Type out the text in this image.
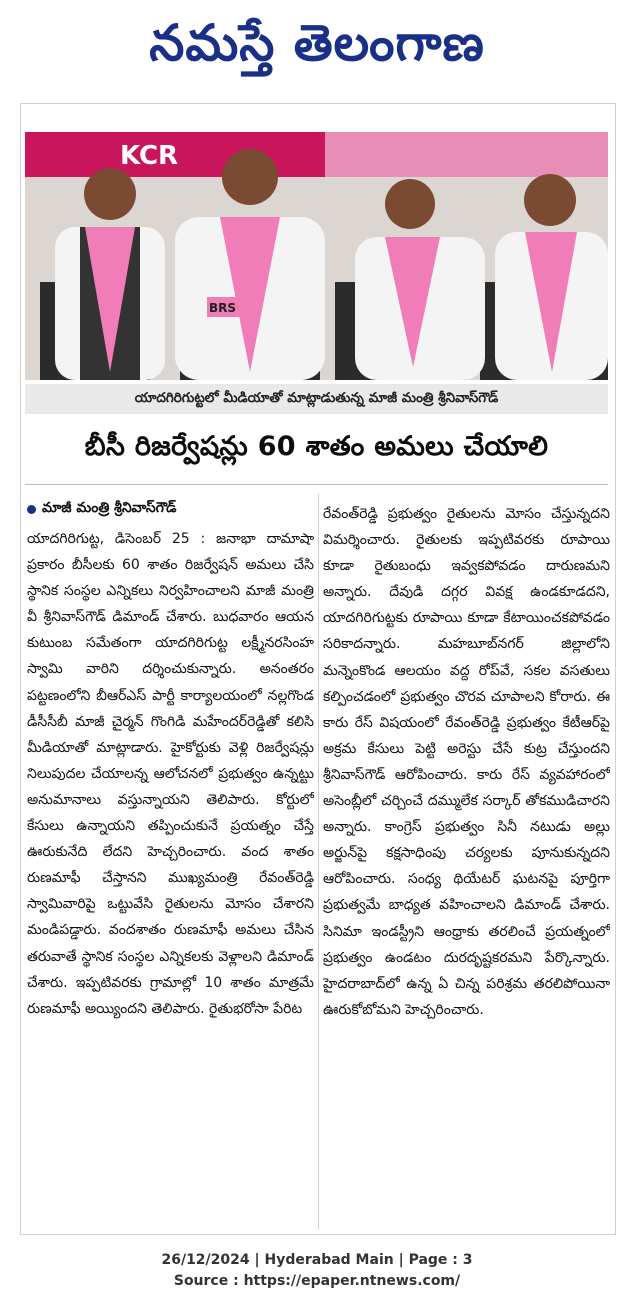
నమస్తే తెలంగాణ
KCR
BRS
యాదగిరిగుట్టలో మీడియాతో మాట్లాడుతున్న మాజీ మంత్రి శ్రీనివాస్‌గౌడ్‌
బీసీ రిజర్వేషన్లు 60 శాతం అమలు చేయాలి
మాజీ మంత్రి శ్రీనివాస్‌గౌడ్‌
యాదగిరిగుట్ట, డిసెంబర్‌ 25 : జనాభా దామాషా ప్రకారం బీసీలకు 60 శాతం రిజర్వేషన్‌ అమలు చేసి స్థానిక సంస్థల ఎన్నికలు నిర్వహించాలని మాజీ మంత్రి వీ శ్రీనివాస్‌గౌడ్‌ డిమాండ్‌ చేశారు. బుధవారం ఆయన కుటుంబ సమేతంగా యాదగిరిగుట్ట లక్ష్మీనరసింహ స్వామి వారిని దర్శించుకున్నారు. అనంతరం పట్టణంలోని బీఆర్‌ఎస్‌ పార్టీ కార్యాలయంలో నల్లగొండ డీసీసీబీ మాజీ చైర్మన్‌ గొంగిడి మహేందర్‌రెడ్డితో కలిసి మీడియాతో మాట్లాడారు. హైకోర్టుకు వెళ్లి రిజర్వేషన్లు నిలుపుదల చేయాలన్న ఆలోచనలో ప్రభుత్వం ఉన్నట్టు అనుమానాలు వస్తున్నాయని తెలిపారు. కోర్టులో కేసులు ఉన్నాయని తప్పించుకునే ప్రయత్నం చేస్తే ఊరుకునేది లేదని హెచ్చరించారు. వంద శాతం రుణమాఫీ చేస్తానని ముఖ్యమంత్రి రేవంత్‌రెడ్డి స్వామివారిపై ఒట్టువేసి రైతులను మోసం చేశారని మండిపడ్డారు. వందశాతం రుణమాఫీ అమలు చేసిన తరువాతే స్థానిక సంస్థల ఎన్నికలకు వెళ్లాలని డిమాండ్‌ చేశారు. ఇప్పటివరకు గ్రామాల్లో 10 శాతం మాత్రమే రుణమాఫీ అయ్యిందని తెలిపారు. రైతుభరోసా పేరిట
రేవంత్‌రెడ్డి ప్రభుత్వం రైతులను మోసం చేస్తున్నదని విమర్శించారు. రైతులకు ఇప్పటివరకు రూపాయి కూడా రైతుబంధు ఇవ్వకపోవడం దారుణమని అన్నారు. దేవుడి దగ్గర వివక్ష ఉండకూడదని, యాదగిరిగుట్టకు రూపాయి కూడా కేటాయించకపోవడం సరికాదన్నారు. మహబూబ్‌నగర్‌ జిల్లాలోని మన్నెంకొండ ఆలయం వద్ద రోప్‌వే, సకల వసతులు కల్పించడంలో ప్రభుత్వం చొరవ చూపాలని కోరారు. ఈ కారు రేస్‌ విషయంలో రేవంత్‌రెడ్డి ప్రభుత్వం కేటీఆర్‌పై అక్రమ కేసులు పెట్టి అరెస్టు చేసే కుట్ర చేస్తుందని శ్రీనివాస్‌గౌడ్‌ ఆరోపించారు. కారు రేస్‌ వ్యవహారంలో అసెంబ్లీలో చర్చించే దమ్ములేక సర్కార్‌ తోకముడిచారని అన్నారు. కాంగ్రెస్‌ ప్రభుత్వం సినీ నటుడు అల్లు అర్జున్‌పై కక్షసాధింపు చర్యలకు పూనుకున్నదని ఆరోపించారు. సంధ్య థియేటర్‌ ఘటనపై పూర్తిగా ప్రభుత్వమే బాధ్యత వహించాలని డిమాండ్‌ చేశారు. సినిమా ఇండస్ట్రీని ఆంధ్రాకు తరలించే ప్రయత్నంలో ప్రభుత్వం ఉండటం దురదృష్టకరమని పేర్కొన్నారు. హైదరాబాద్‌లో ఉన్న ఏ చిన్న పరిశ్రమ తరలిపోయినా ఊరుకోబోమని హెచ్చరించారు.
26/12/2024 | Hyderabad Main | Page : 3
Source : https://epaper.ntnews.com/
